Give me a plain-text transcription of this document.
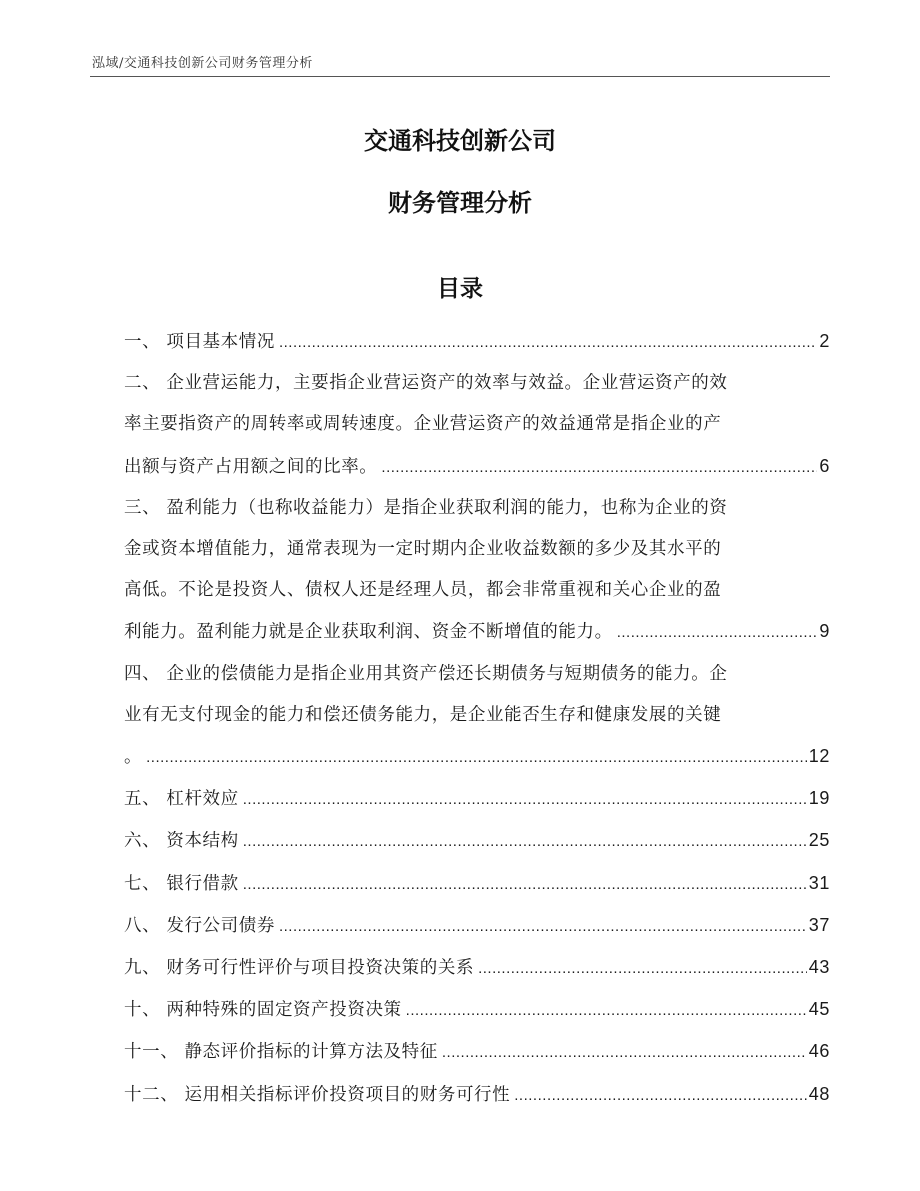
泓域/交通科技创新公司财务管理分析
交通科技创新公司
财务管理分析
目录
一、 项目基本情况 .....	2
二、 企业营运能力，主要指企业营运资产的效率与效益。企业营运资产的效
率主要指资产的周转率或周转速度。企业营运资产的效益通常是指企业的产
出额与资产占用额之间的比率。 .....	6
三、 盈利能力（也称收益能力）是指企业获取利润的能力，也称为企业的资
金或资本增值能力，通常表现为一定时期内企业收益数额的多少及其水平的
高低。不论是投资人、债权人还是经理人员，都会非常重视和关心企业的盈
利能力。盈利能力就是企业获取利润、资金不断增值的能力。 .....	9
四、 企业的偿债能力是指企业用其资产偿还长期债务与短期债务的能力。企
业有无支付现金的能力和偿还债务能力，是企业能否生存和健康发展的关键
。 .....	12
五、 杠杆效应 .....	19
六、 资本结构 .....	25
七、 银行借款 .....	31
八、 发行公司债券 .....	37
九、 财务可行性评价与项目投资决策的关系 .....	43
十、 两种特殊的固定资产投资决策 .....	45
十一、 静态评价指标的计算方法及特征 .....	46
十二、 运用相关指标评价投资项目的财务可行性 .....	48
